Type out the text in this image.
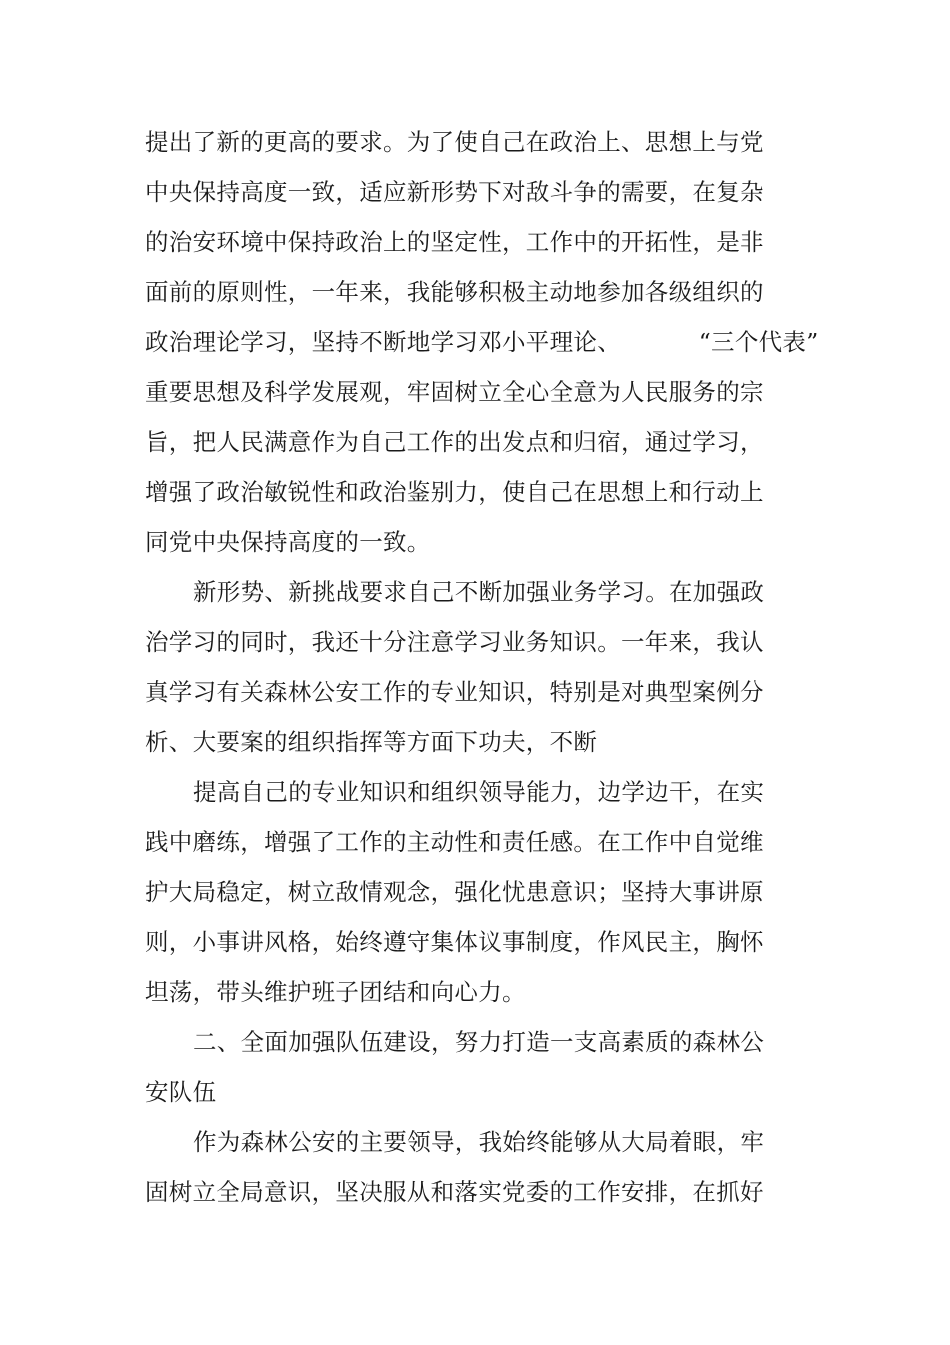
提出了新的更高的要求。为了使自己在政治上、思想上与党
中央保持高度一致，适应新形势下对敌斗争的需要，在复杂
的治安环境中保持政治上的坚定性，工作中的开拓性，是非
面前的原则性，一年来，我能够积极主动地参加各级组织的
政治理论学习，坚持不断地学习邓小平理论、          “三个代表”
重要思想及科学发展观，牢固树立全心全意为人民服务的宗
旨，把人民满意作为自己工作的出发点和归宿，通过学习，
增强了政治敏锐性和政治鉴别力，使自己在思想上和行动上
同党中央保持高度的一致。
新形势、新挑战要求自己不断加强业务学习。在加强政
治学习的同时，我还十分注意学习业务知识。一年来，我认
真学习有关森林公安工作的专业知识，特别是对典型案例分
析、大要案的组织指挥等方面下功夫，不断
提高自己的专业知识和组织领导能力，边学边干，在实
践中磨练，增强了工作的主动性和责任感。在工作中自觉维
护大局稳定，树立敌情观念，强化忧患意识；坚持大事讲原
则，小事讲风格，始终遵守集体议事制度，作风民主，胸怀
坦荡，带头维护班子团结和向心力。
二、全面加强队伍建设，努力打造一支高素质的森林公
安队伍
作为森林公安的主要领导，我始终能够从大局着眼，牢
固树立全局意识，坚决服从和落实党委的工作安排，在抓好
